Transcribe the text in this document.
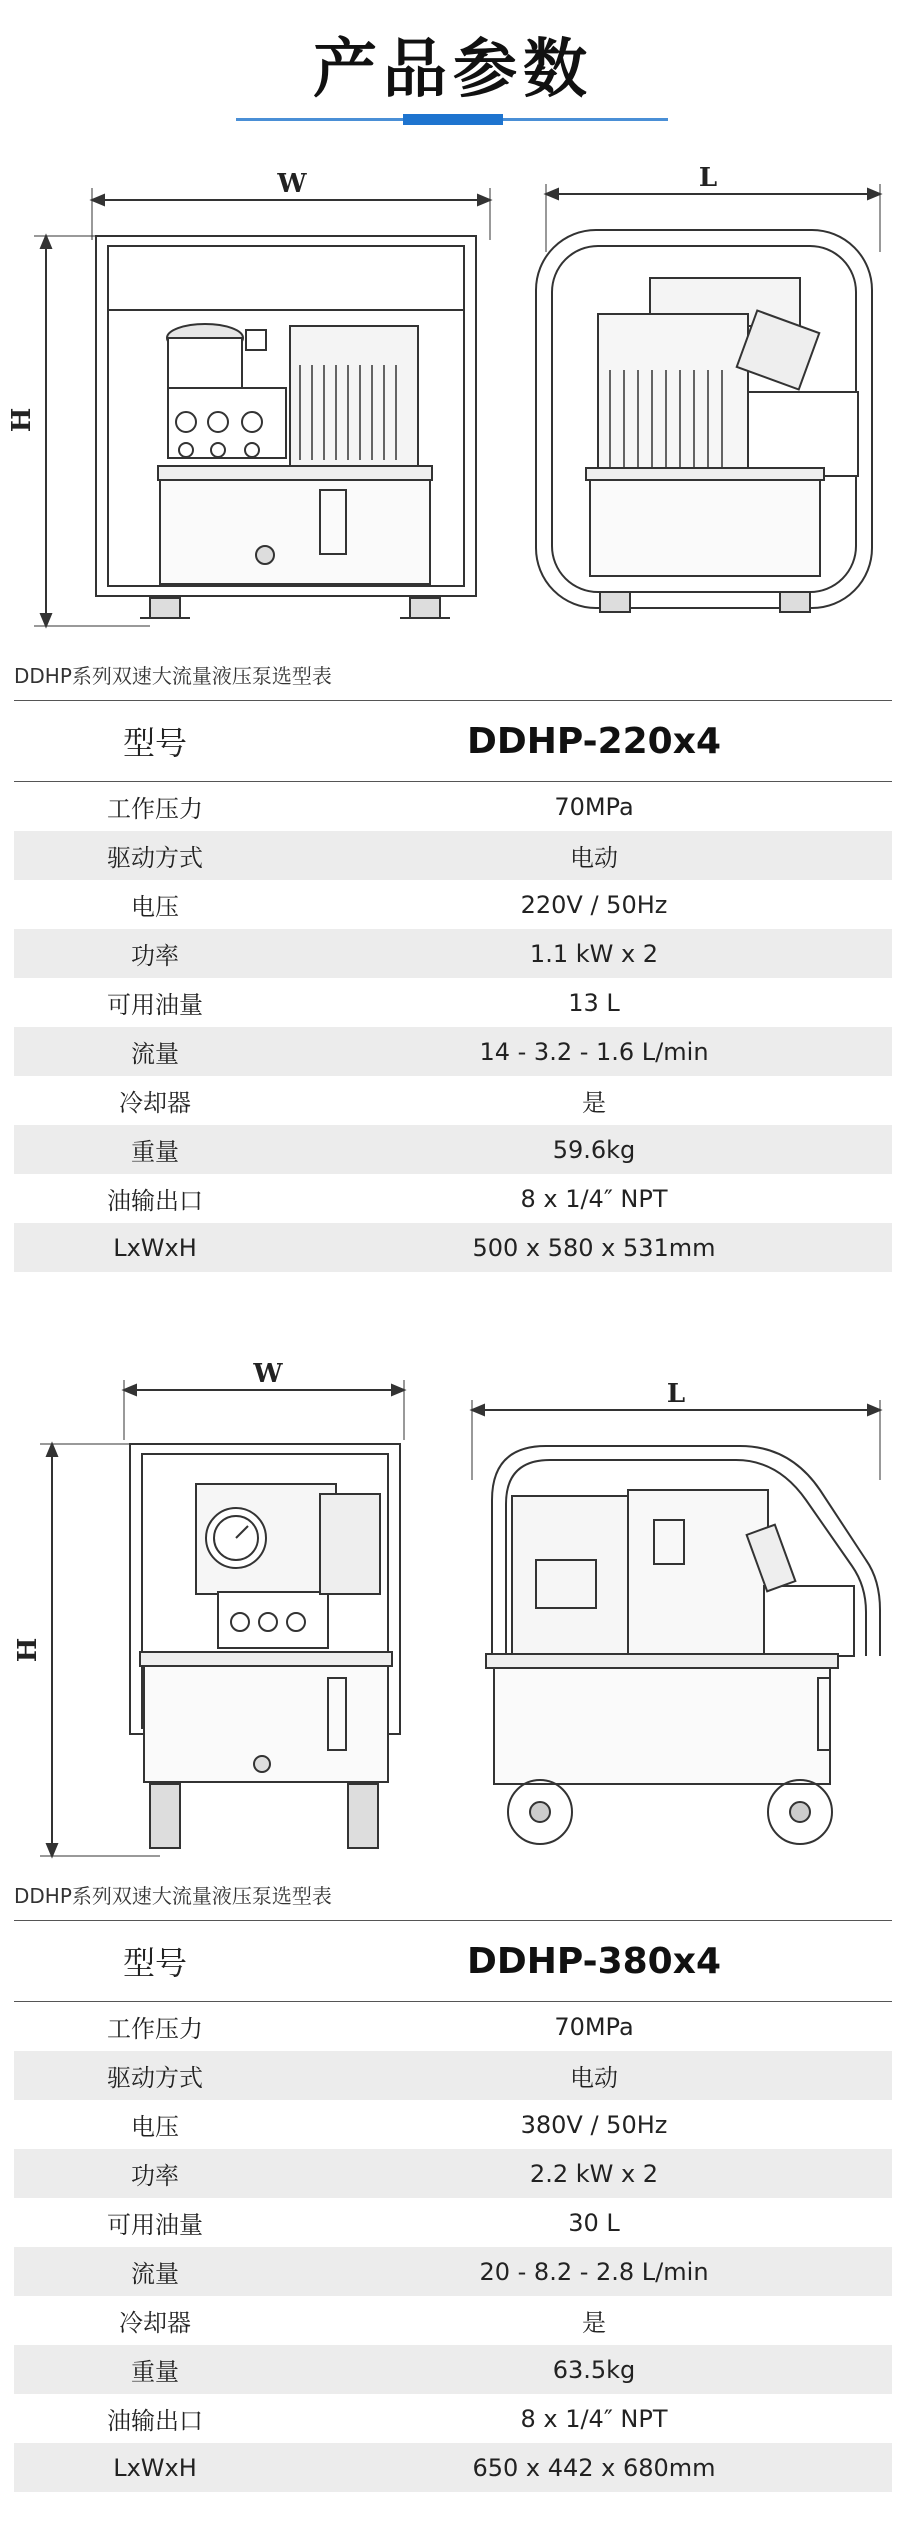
产品参数
W
H
L
DDHP系列双速大流量液压泵选型表
型号	DDHP-220x4
工作压力	70MPa
驱动方式	电动
电压	220V / 50Hz
功率	1.1 kW x 2
可用油量	13 L
流量	14 - 3.2 - 1.6 L/min
冷却器	是
重量	59.6kg
油输出口	8 x 1/4″ NPT
LxWxH	500 x 580 x 531mm
W
H
L
DDHP系列双速大流量液压泵选型表
型号	DDHP-380x4
工作压力	70MPa
驱动方式	电动
电压	380V / 50Hz
功率	2.2 kW x 2
可用油量	30 L
流量	20 - 8.2 - 2.8 L/min
冷却器	是
重量	63.5kg
油输出口	8 x 1/4″ NPT
LxWxH	650 x 442 x 680mm
